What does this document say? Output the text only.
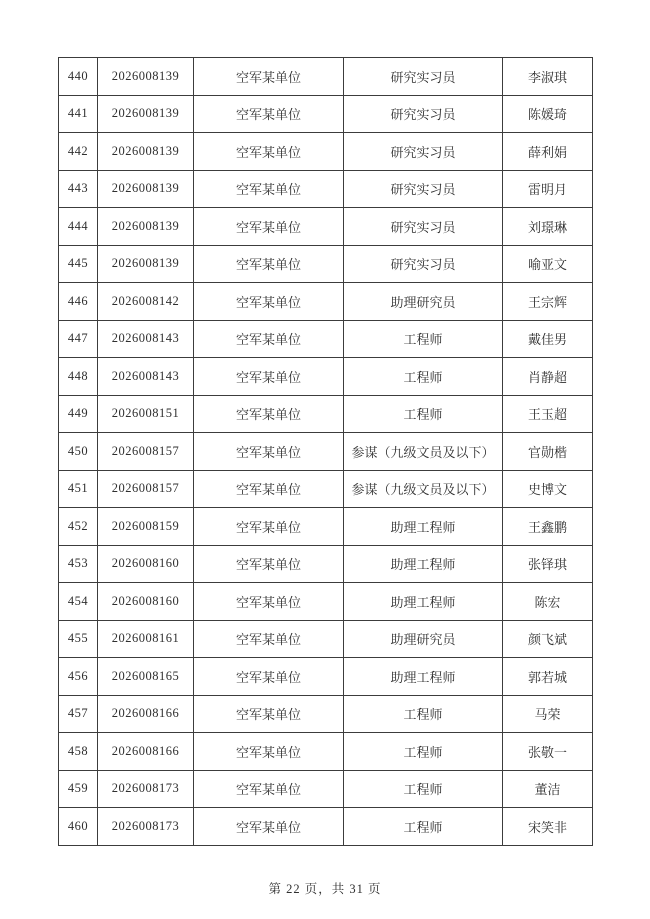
440	2026008139	空军某单位	研究实习员	李淑琪
441	2026008139	空军某单位	研究实习员	陈媛琦
442	2026008139	空军某单位	研究实习员	薛利娟
443	2026008139	空军某单位	研究实习员	雷明月
444	2026008139	空军某单位	研究实习员	刘璟琳
445	2026008139	空军某单位	研究实习员	喻亚文
446	2026008142	空军某单位	助理研究员	王宗辉
447	2026008143	空军某单位	工程师	戴佳男
448	2026008143	空军某单位	工程师	肖静超
449	2026008151	空军某单位	工程师	王玉超
450	2026008157	空军某单位	参谋（九级文员及以下）	官勋楷
451	2026008157	空军某单位	参谋（九级文员及以下）	史博文
452	2026008159	空军某单位	助理工程师	王鑫鹏
453	2026008160	空军某单位	助理工程师	张铎琪
454	2026008160	空军某单位	助理工程师	陈宏
455	2026008161	空军某单位	助理研究员	颜飞斌
456	2026008165	空军某单位	助理工程师	郭若城
457	2026008166	空军某单位	工程师	马荣
458	2026008166	空军某单位	工程师	张敬一
459	2026008173	空军某单位	工程师	董洁
460	2026008173	空军某单位	工程师	宋笑非
第 22 页，共 31 页
